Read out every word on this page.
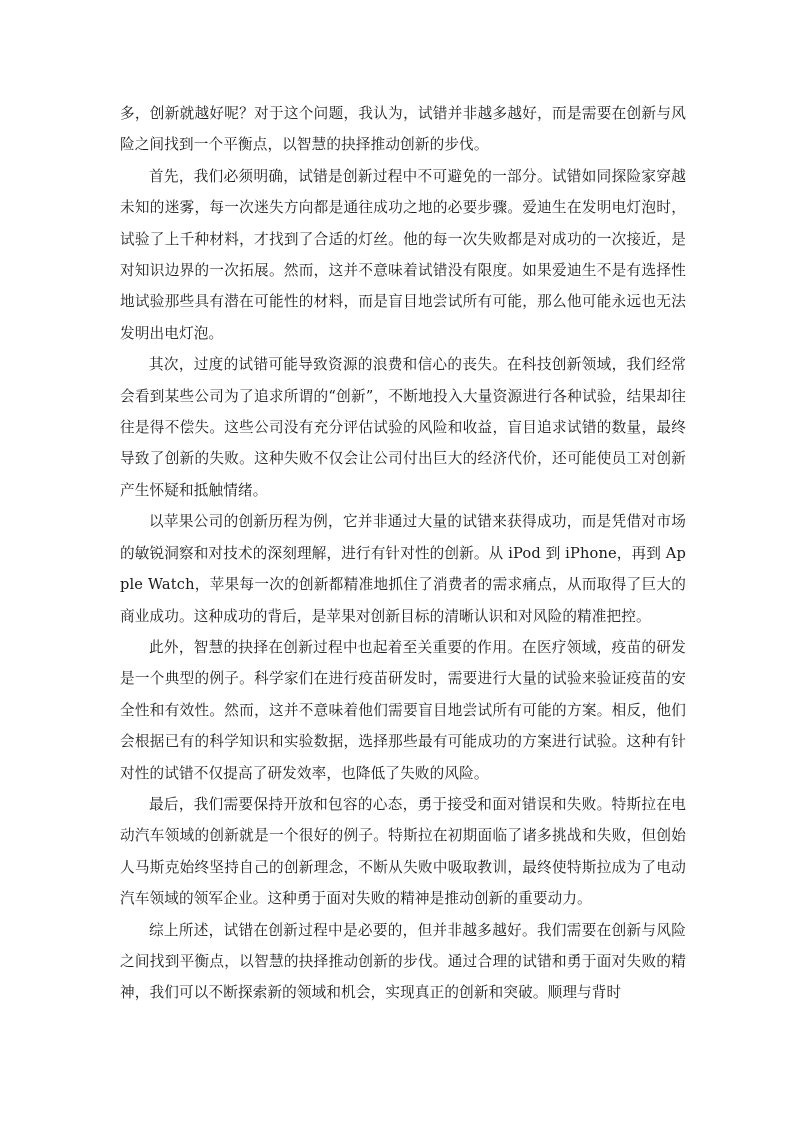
多，创新就越好呢？对于这个问题，我认为，试错并非越多越好，而是需要在创新与风险之间找到一个平衡点，以智慧的抉择推动创新的步伐。

首先，我们必须明确，试错是创新过程中不可避免的一部分。试错如同探险家穿越未知的迷雾，每一次迷失方向都是通往成功之地的必要步骤。爱迪生在发明电灯泡时，试验了上千种材料，才找到了合适的灯丝。他的每一次失败都是对成功的一次接近，是对知识边界的一次拓展。然而，这并不意味着试错没有限度。如果爱迪生不是有选择性地试验那些具有潜在可能性的材料，而是盲目地尝试所有可能，那么他可能永远也无法发明出电灯泡。

其次，过度的试错可能导致资源的浪费和信心的丧失。在科技创新领域，我们经常会看到某些公司为了追求所谓的“创新”，不断地投入大量资源进行各种试验，结果却往往是得不偿失。这些公司没有充分评估试验的风险和收益，盲目追求试错的数量，最终导致了创新的失败。这种失败不仅会让公司付出巨大的经济代价，还可能使员工对创新产生怀疑和抵触情绪。

以苹果公司的创新历程为例，它并非通过大量的试错来获得成功，而是凭借对市场的敏锐洞察和对技术的深刻理解，进行有针对性的创新。从 iPod 到 iPhone，再到 Apple Watch，苹果每一次的创新都精准地抓住了消费者的需求痛点，从而取得了巨大的商业成功。这种成功的背后，是苹果对创新目标的清晰认识和对风险的精准把控。

此外，智慧的抉择在创新过程中也起着至关重要的作用。在医疗领域，疫苗的研发是一个典型的例子。科学家们在进行疫苗研发时，需要进行大量的试验来验证疫苗的安全性和有效性。然而，这并不意味着他们需要盲目地尝试所有可能的方案。相反，他们会根据已有的科学知识和实验数据，选择那些最有可能成功的方案进行试验。这种有针对性的试错不仅提高了研发效率，也降低了失败的风险。

最后，我们需要保持开放和包容的心态，勇于接受和面对错误和失败。特斯拉在电动汽车领域的创新就是一个很好的例子。特斯拉在初期面临了诸多挑战和失败，但创始人马斯克始终坚持自己的创新理念，不断从失败中吸取教训，最终使特斯拉成为了电动汽车领域的领军企业。这种勇于面对失败的精神是推动创新的重要动力。

综上所述，试错在创新过程中是必要的，但并非越多越好。我们需要在创新与风险之间找到平衡点，以智慧的抉择推动创新的步伐。通过合理的试错和勇于面对失败的精神，我们可以不断探索新的领域和机会，实现真正的创新和突破。顺理与背时
